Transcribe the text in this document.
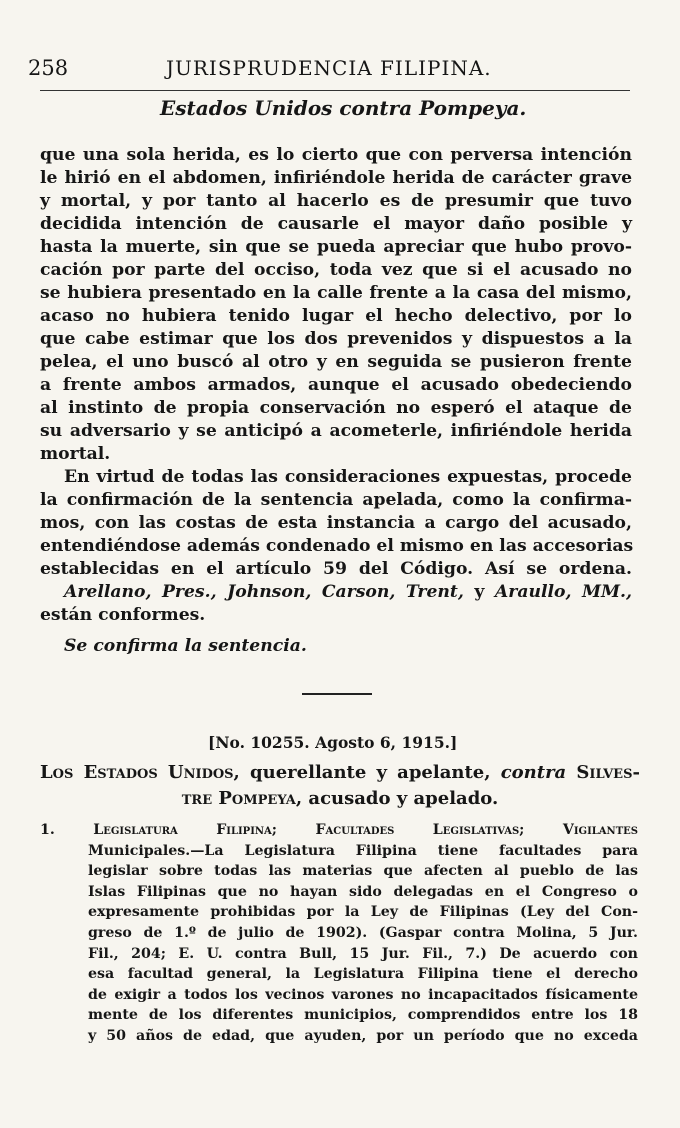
258	JURISPRUDENCIA FILIPINA.
Estados Unidos contra Pompeya.
que una sola herida, es lo cierto que con perversa intención
le hirió en el abdomen, infiriéndole herida de carácter grave
y mortal, y por tanto al hacerlo es de presumir que tuvo
decidida intención de causarle el mayor daño posible y
hasta la muerte, sin que se pueda apreciar que hubo provo-
cación por parte del occiso, toda vez que si el acusado no
se hubiera presentado en la calle frente a la casa del mismo,
acaso no hubiera tenido lugar el hecho delectivo, por lo
que cabe estimar que los dos prevenidos y dispuestos a la
pelea, el uno buscó al otro y en seguida se pusieron frente
a frente ambos armados, aunque el acusado obedeciendo
al instinto de propia conservación no esperó el ataque de
su adversario y se anticipó a acometerle, infiriéndole herida
mortal.
En virtud de todas las consideraciones expuestas, procede
la confirmación de la sentencia apelada, como la confirma-
mos, con las costas de esta instancia a cargo del acusado,
entendiéndose además condenado el mismo en las accesorias
establecidas en el artículo 59 del Código. Así se ordena.
Arellano, Pres., Johnson, Carson, Trent, y Araullo, MM.,
están conformes.
Se confirma la sentencia.
[No. 10255. Agosto 6, 1915.]
Los Estados Unidos, querellante y apelante, contra Silves-
tre Pompeya, acusado y apelado.
1.	Legislatura Filipina; Facultades Legislativas; Vigilantes
Municipales.—La Legislatura Filipina tiene facultades para
legislar sobre todas las materias que afecten al pueblo de las
Islas Filipinas que no hayan sido delegadas en el Congreso o
expresamente prohibidas por la Ley de Filipinas (Ley del Con-
greso de 1.º de julio de 1902). (Gaspar contra Molina, 5 Jur.
Fil., 204; E. U. contra Bull, 15 Jur. Fil., 7.) De acuerdo con
esa facultad general, la Legislatura Filipina tiene el derecho
de exigir a todos los vecinos varones no incapacitados físicamente
mente de los diferentes municipios, comprendidos entre los 18
y 50 años de edad, que ayuden, por un período que no exceda
